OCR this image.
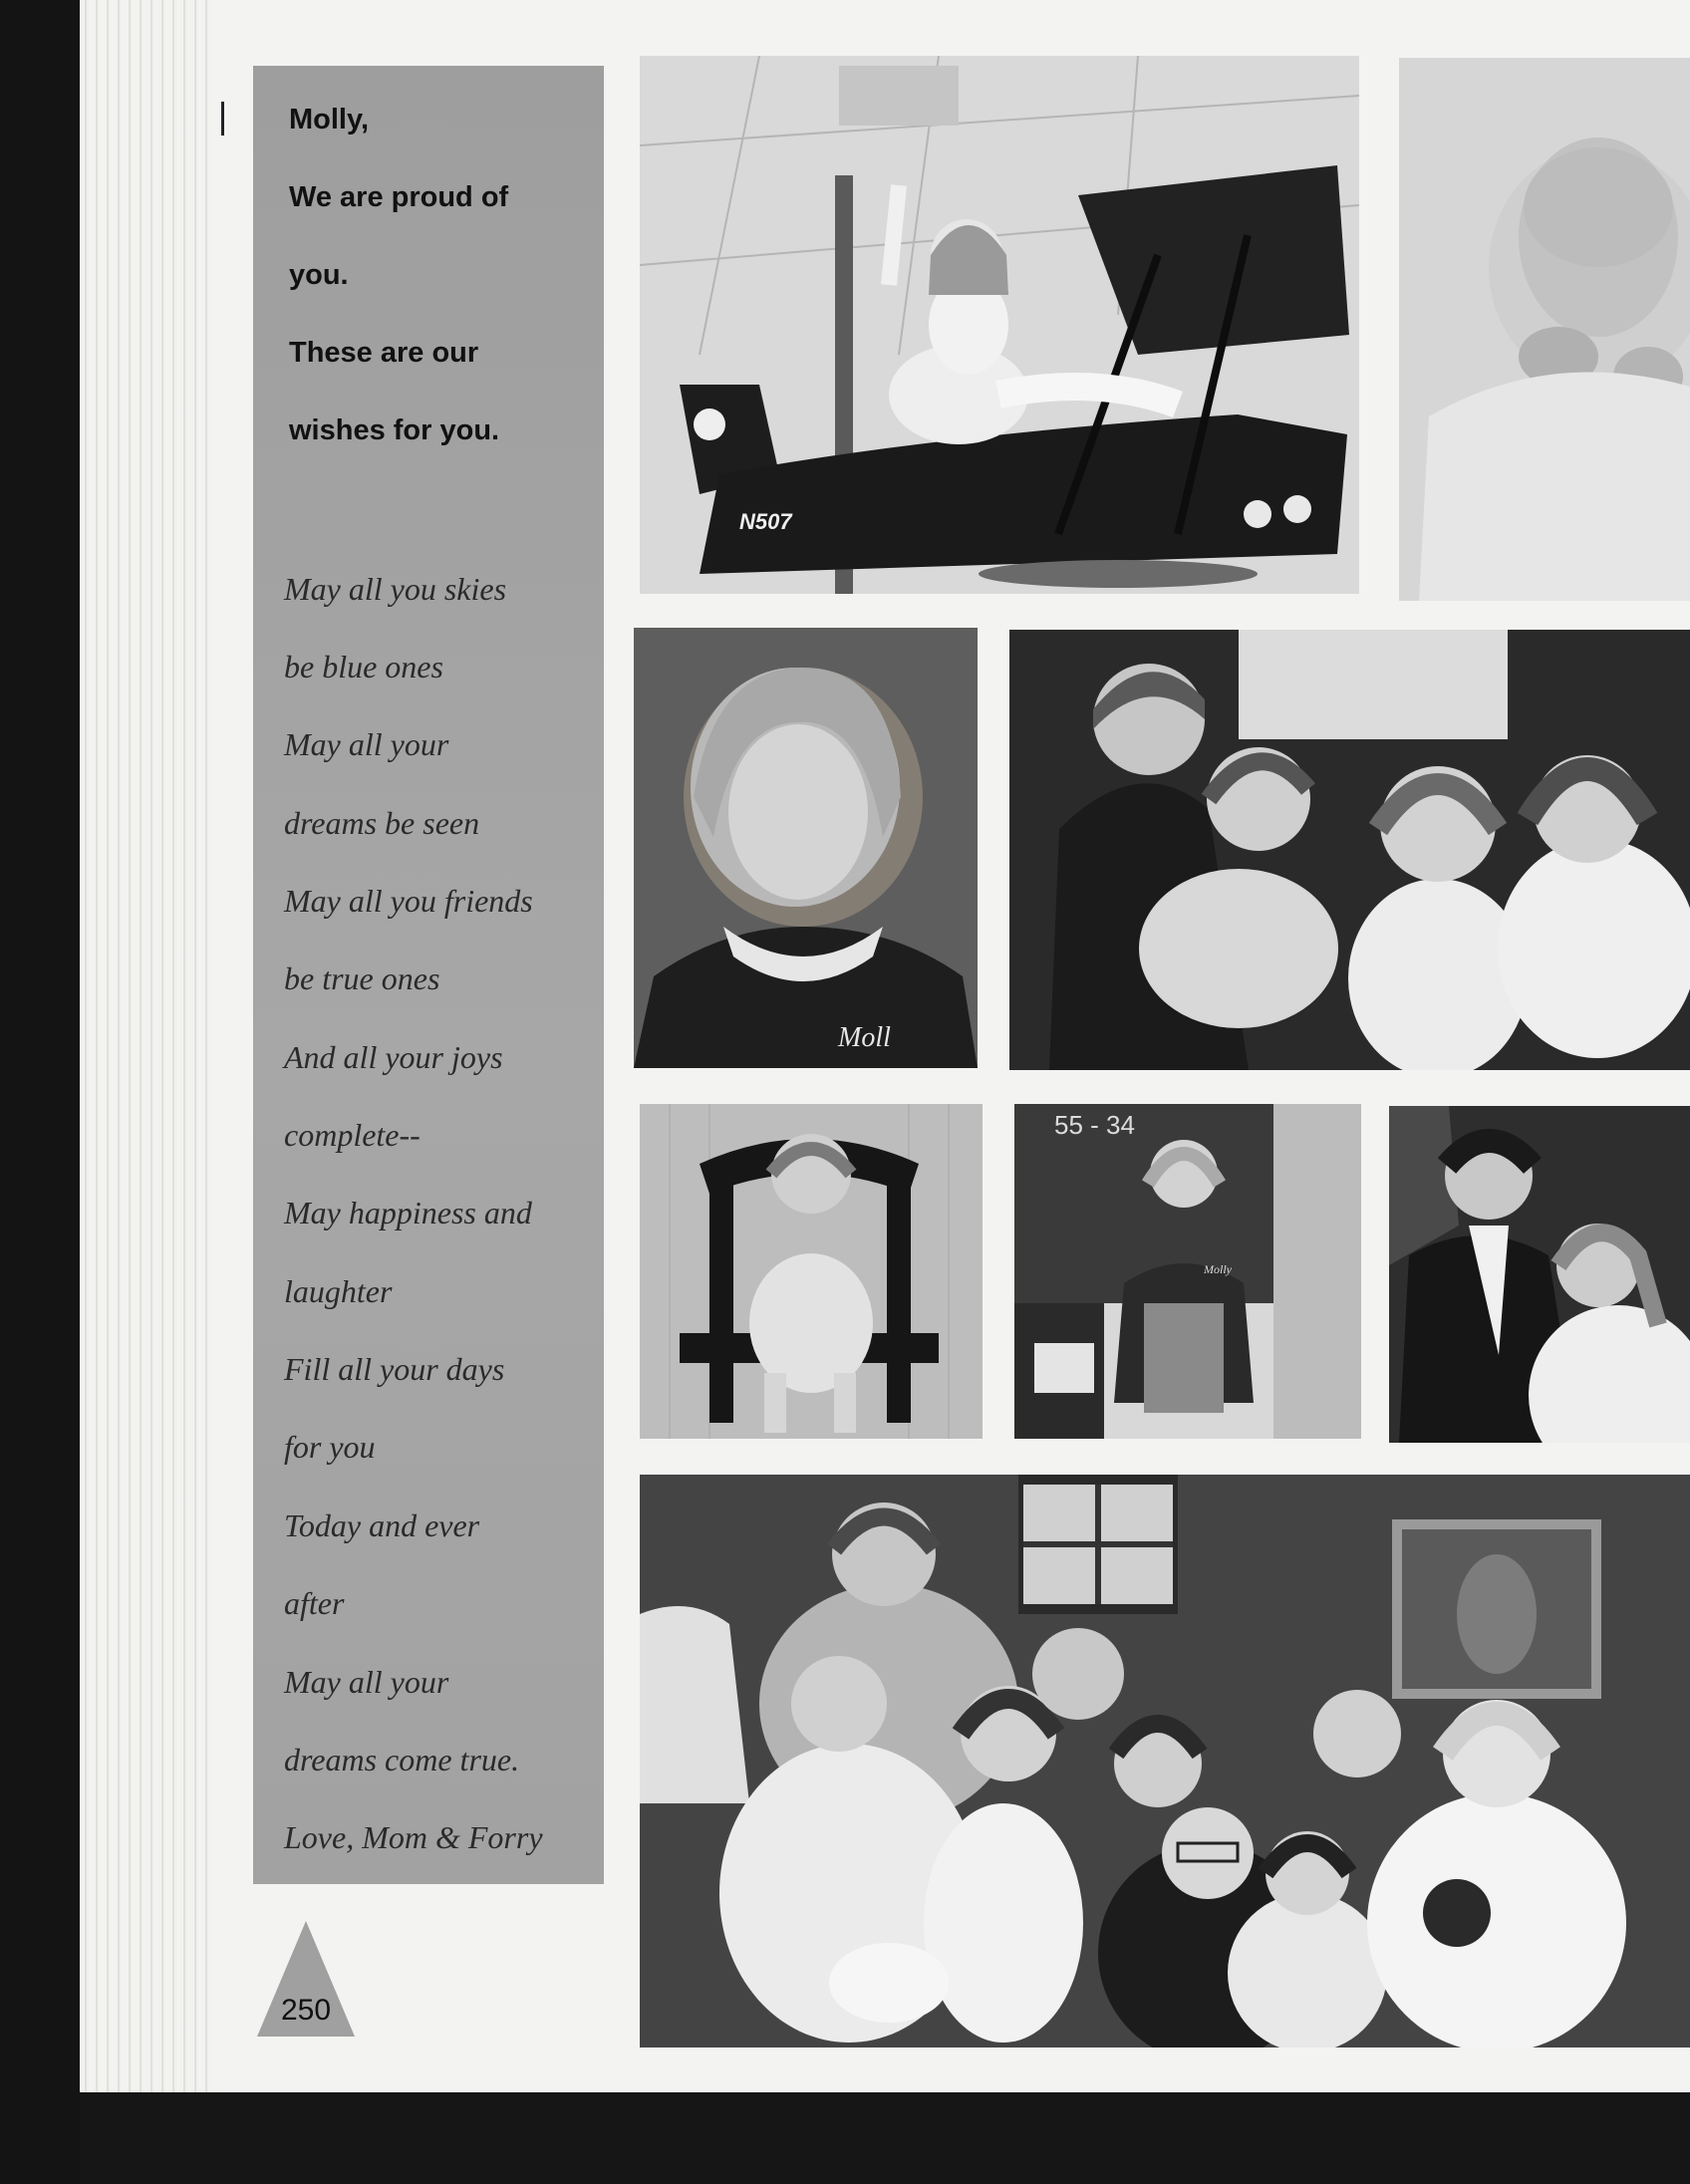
Molly,
We are proud of
you.
These are our
wishes for you.
May all you skies
be blue ones
May all your
dreams be seen
May all you friends
be true ones
And all your joys
complete--
May happiness and
laughter
Fill all your days
for you
Today and ever
after
May all your
dreams come true.
Love, Mom & Forry
250
N507
Moll
55 - 34
Molly
